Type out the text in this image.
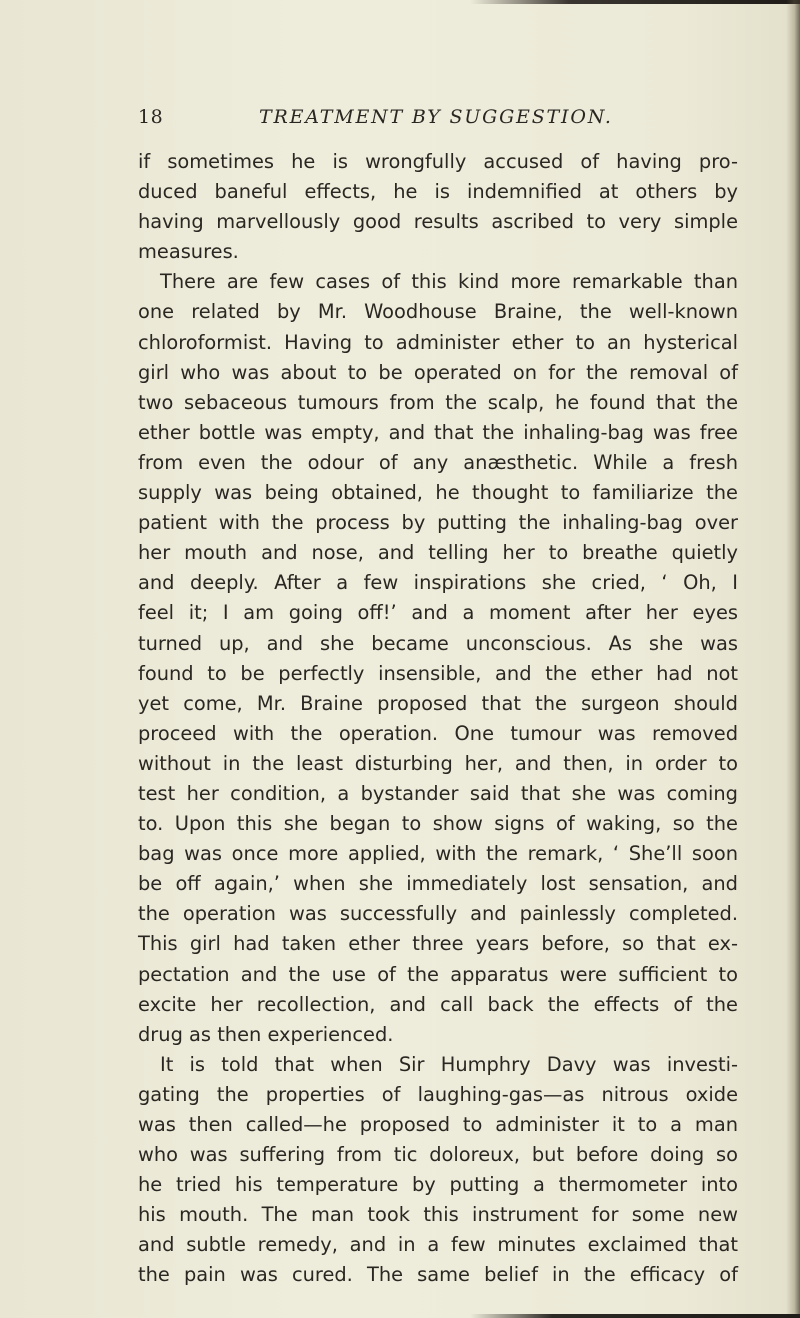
18	TREATMENT BY SUGGESTION.
if sometimes he is wrongfully accused of having pro-
duced baneful effects, he is indemnified at others by
having marvellously good results ascribed to very simple
measures.
There are few cases of this kind more remarkable than
one related by Mr. Woodhouse Braine, the well-known
chloroformist. Having to administer ether to an hysterical
girl who was about to be operated on for the removal of
two sebaceous tumours from the scalp, he found that the
ether bottle was empty, and that the inhaling-bag was free
from even the odour of any anæsthetic. While a fresh
supply was being obtained, he thought to familiarize the
patient with the process by putting the inhaling-bag over
her mouth and nose, and telling her to breathe quietly
and deeply. After a few inspirations she cried, ‘ Oh, I
feel it; I am going off!’ and a moment after her eyes
turned up, and she became unconscious. As she was
found to be perfectly insensible, and the ether had not
yet come, Mr. Braine proposed that the surgeon should
proceed with the operation. One tumour was removed
without in the least disturbing her, and then, in order to
test her condition, a bystander said that she was coming
to. Upon this she began to show signs of waking, so the
bag was once more applied, with the remark, ‘ She’ll soon
be off again,’ when she immediately lost sensation, and
the operation was successfully and painlessly completed.
This girl had taken ether three years before, so that ex-
pectation and the use of the apparatus were sufficient to
excite her recollection, and call back the effects of the
drug as then experienced.
It is told that when Sir Humphry Davy was investi-
gating the properties of laughing-gas—as nitrous oxide
was then called—he proposed to administer it to a man
who was suffering from tic doloreux, but before doing so
he tried his temperature by putting a thermometer into
his mouth. The man took this instrument for some new
and subtle remedy, and in a few minutes exclaimed that
the pain was cured. The same belief in the efficacy of
